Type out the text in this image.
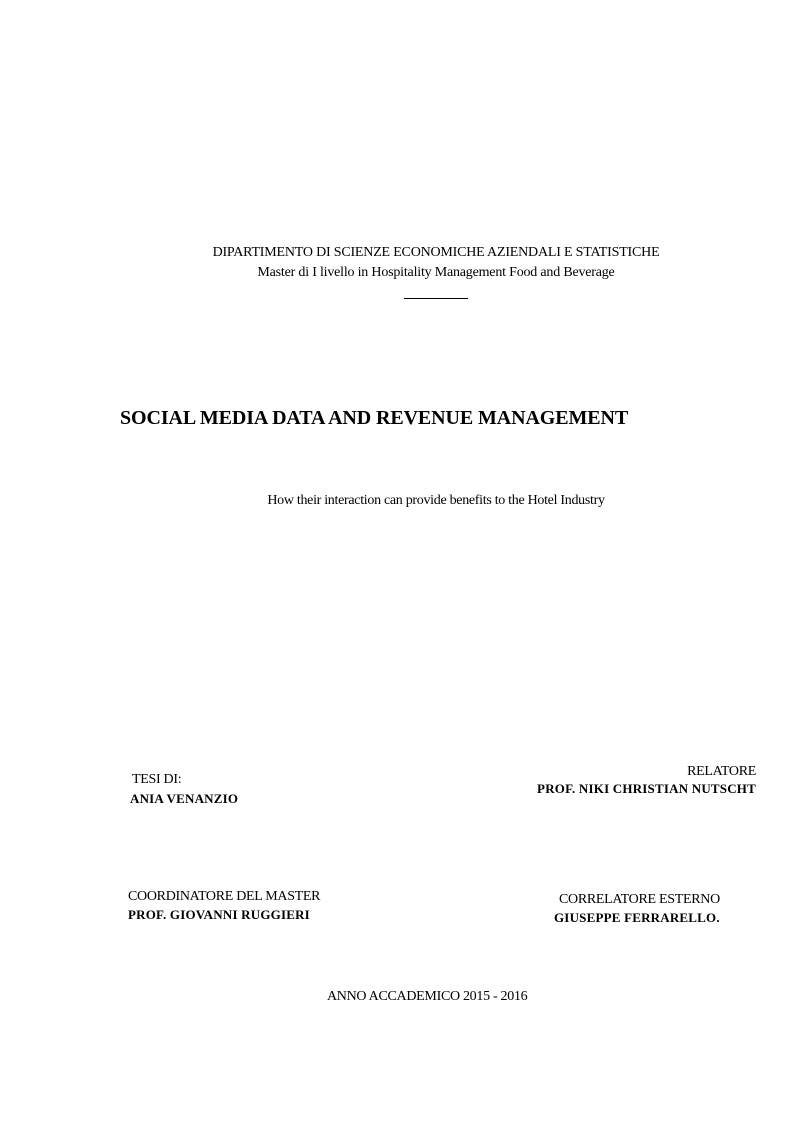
DIPARTIMENTO DI SCIENZE ECONOMICHE AZIENDALI E STATISTICHE
Master di I livello in Hospitality Management Food and Beverage
SOCIAL MEDIA DATA AND REVENUE MANAGEMENT
How their interaction can provide benefits to the Hotel Industry
TESI DI:
ANIA VENANZIO
RELATORE
PROF. NIKI CHRISTIAN NUTSCHT
COORDINATORE DEL MASTER
PROF. GIOVANNI RUGGIERI
CORRELATORE ESTERNO
GIUSEPPE FERRARELLO.
ANNO ACCADEMICO 2015 - 2016
